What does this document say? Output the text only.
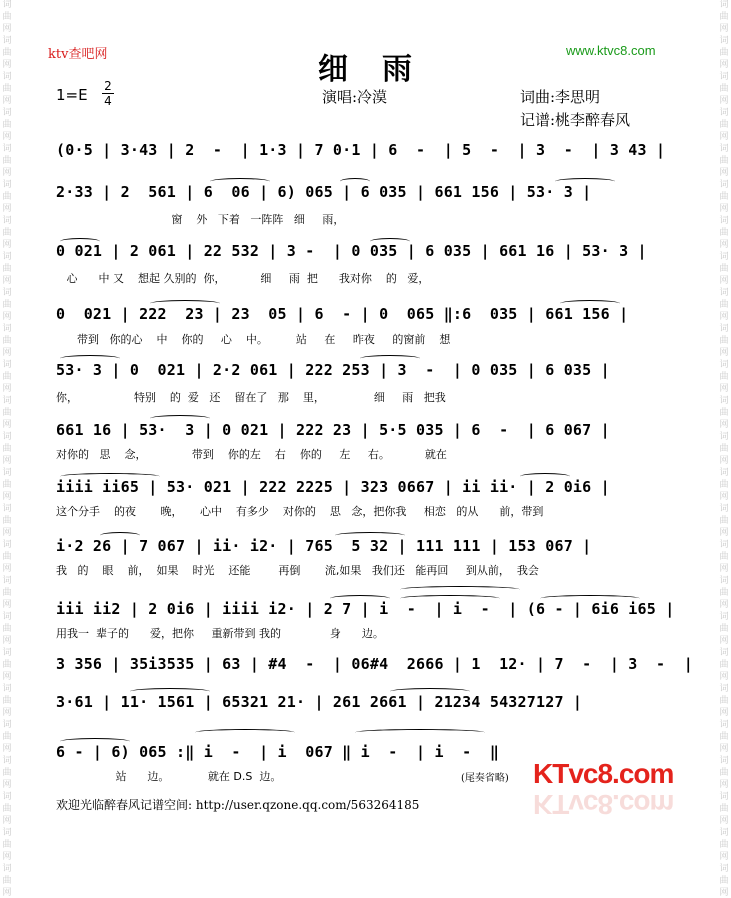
词
曲
网
词
曲
网
词
曲
网
词
曲
网
词
曲
网
词
曲
网
词
曲
网
词
曲
网
词
曲
网
词
曲
网
词
曲
网
词
曲
网
词
曲
网
词
曲
网
词
曲
网
词
曲
网
词
曲
网
词
曲
网
词
曲
网
词
曲
网
词
曲
网
词
曲
网
词
曲
网
词
曲
网
词
曲
网
词
曲
网
词
曲
网
词
曲
网
词
曲
网
词
曲
网
词
曲
网
词
曲
网
词
曲
网
词
曲
网
词
曲
网
词
曲
网
词
曲
网
词
曲
网
词
曲
网
词
曲
网
词
曲
网
词
曲
网
词
曲
网
词
曲
网
词
曲
网
词
曲
网
词
曲
网
词
曲
网
词
曲
网
词
曲
网
ktv查吧网	细雨
www.ktvc8.com
1=E 2
4	演唱:冷漠	词曲:李思明
记谱:桃李醉春风
(0·5 | 3·43 | 2  -  | 1·3 | 7 0·1 | 6  -  | 5  -  | 3  -  | 3 43 |
2·33 | 2  561 | 6  06 | 6) 065 | 6 035 | 661 156 | 53· 3 |
窗    外   下着   一阵阵   细     雨，
0 021 | 2 061 | 22 532 | 3 -  | 0 035 | 6 035 | 661 16 | 53· 3 |
心      中 又    想起 久别的  你，          细     雨  把      我对你    的   爱，
0  021 | 222  23 | 23  05 | 6  - | 0  065 ‖:6  035 | 661 156 |
带到   你的心    中    你的     心    中。        站     在     昨夜     的窗前    想
53· 3 | 0  021 | 2·2 061 | 222 253 | 3  -  | 0 035 | 6 035 |
你，                特别    的  爱   还    留在了   那    里，              细     雨   把我
661 16 | 53·  3 | 0 021 | 222 23 | 5·5 035 | 6  -  | 6 067 |
对你的   思    念，             带到    你的左    右    你的     左     右。          就在
iiii ii65 | 53· 021 | 222 2225 | 323 0667 | ii ii· | 2 0i6 |
这个分手    的夜       晚，     心中    有多少    对你的    思   念，把你我     相恋   的从      前，带到
i·2 26 | 7 067 | ii· i2· | 765  5 32 | 111 111 | 153 067 |
我   的    眼    前，  如果    时光    还能        再倒       流,如果   我们还   能再回     到从前，  我会
iii ii2 | 2 0i6 | iiii i2· | 2 7 | i  -  | i  -  | (6 - | 6i6 i65 |
用我一  辈子的      爱，把你     重新带到 我的              身      边。
3 356 | 35i3535 | 63 | #4  -  | 06#4  2666 | 1  12· | 7  -  | 3  -  |
3·61 | 11· 1561 | 65321 21· | 261 2661 | 21234 54327127 |
6 - | 6) 065 :‖ i  -  | i  067 ‖ i  -  | i  -  ‖
站      边。           就在 D.S  边。	(尾奏省略) KTvc8.com
KTvc8.com
欢迎光临醉春风记谱空间: http://user.qzone.qq.com/563264185
